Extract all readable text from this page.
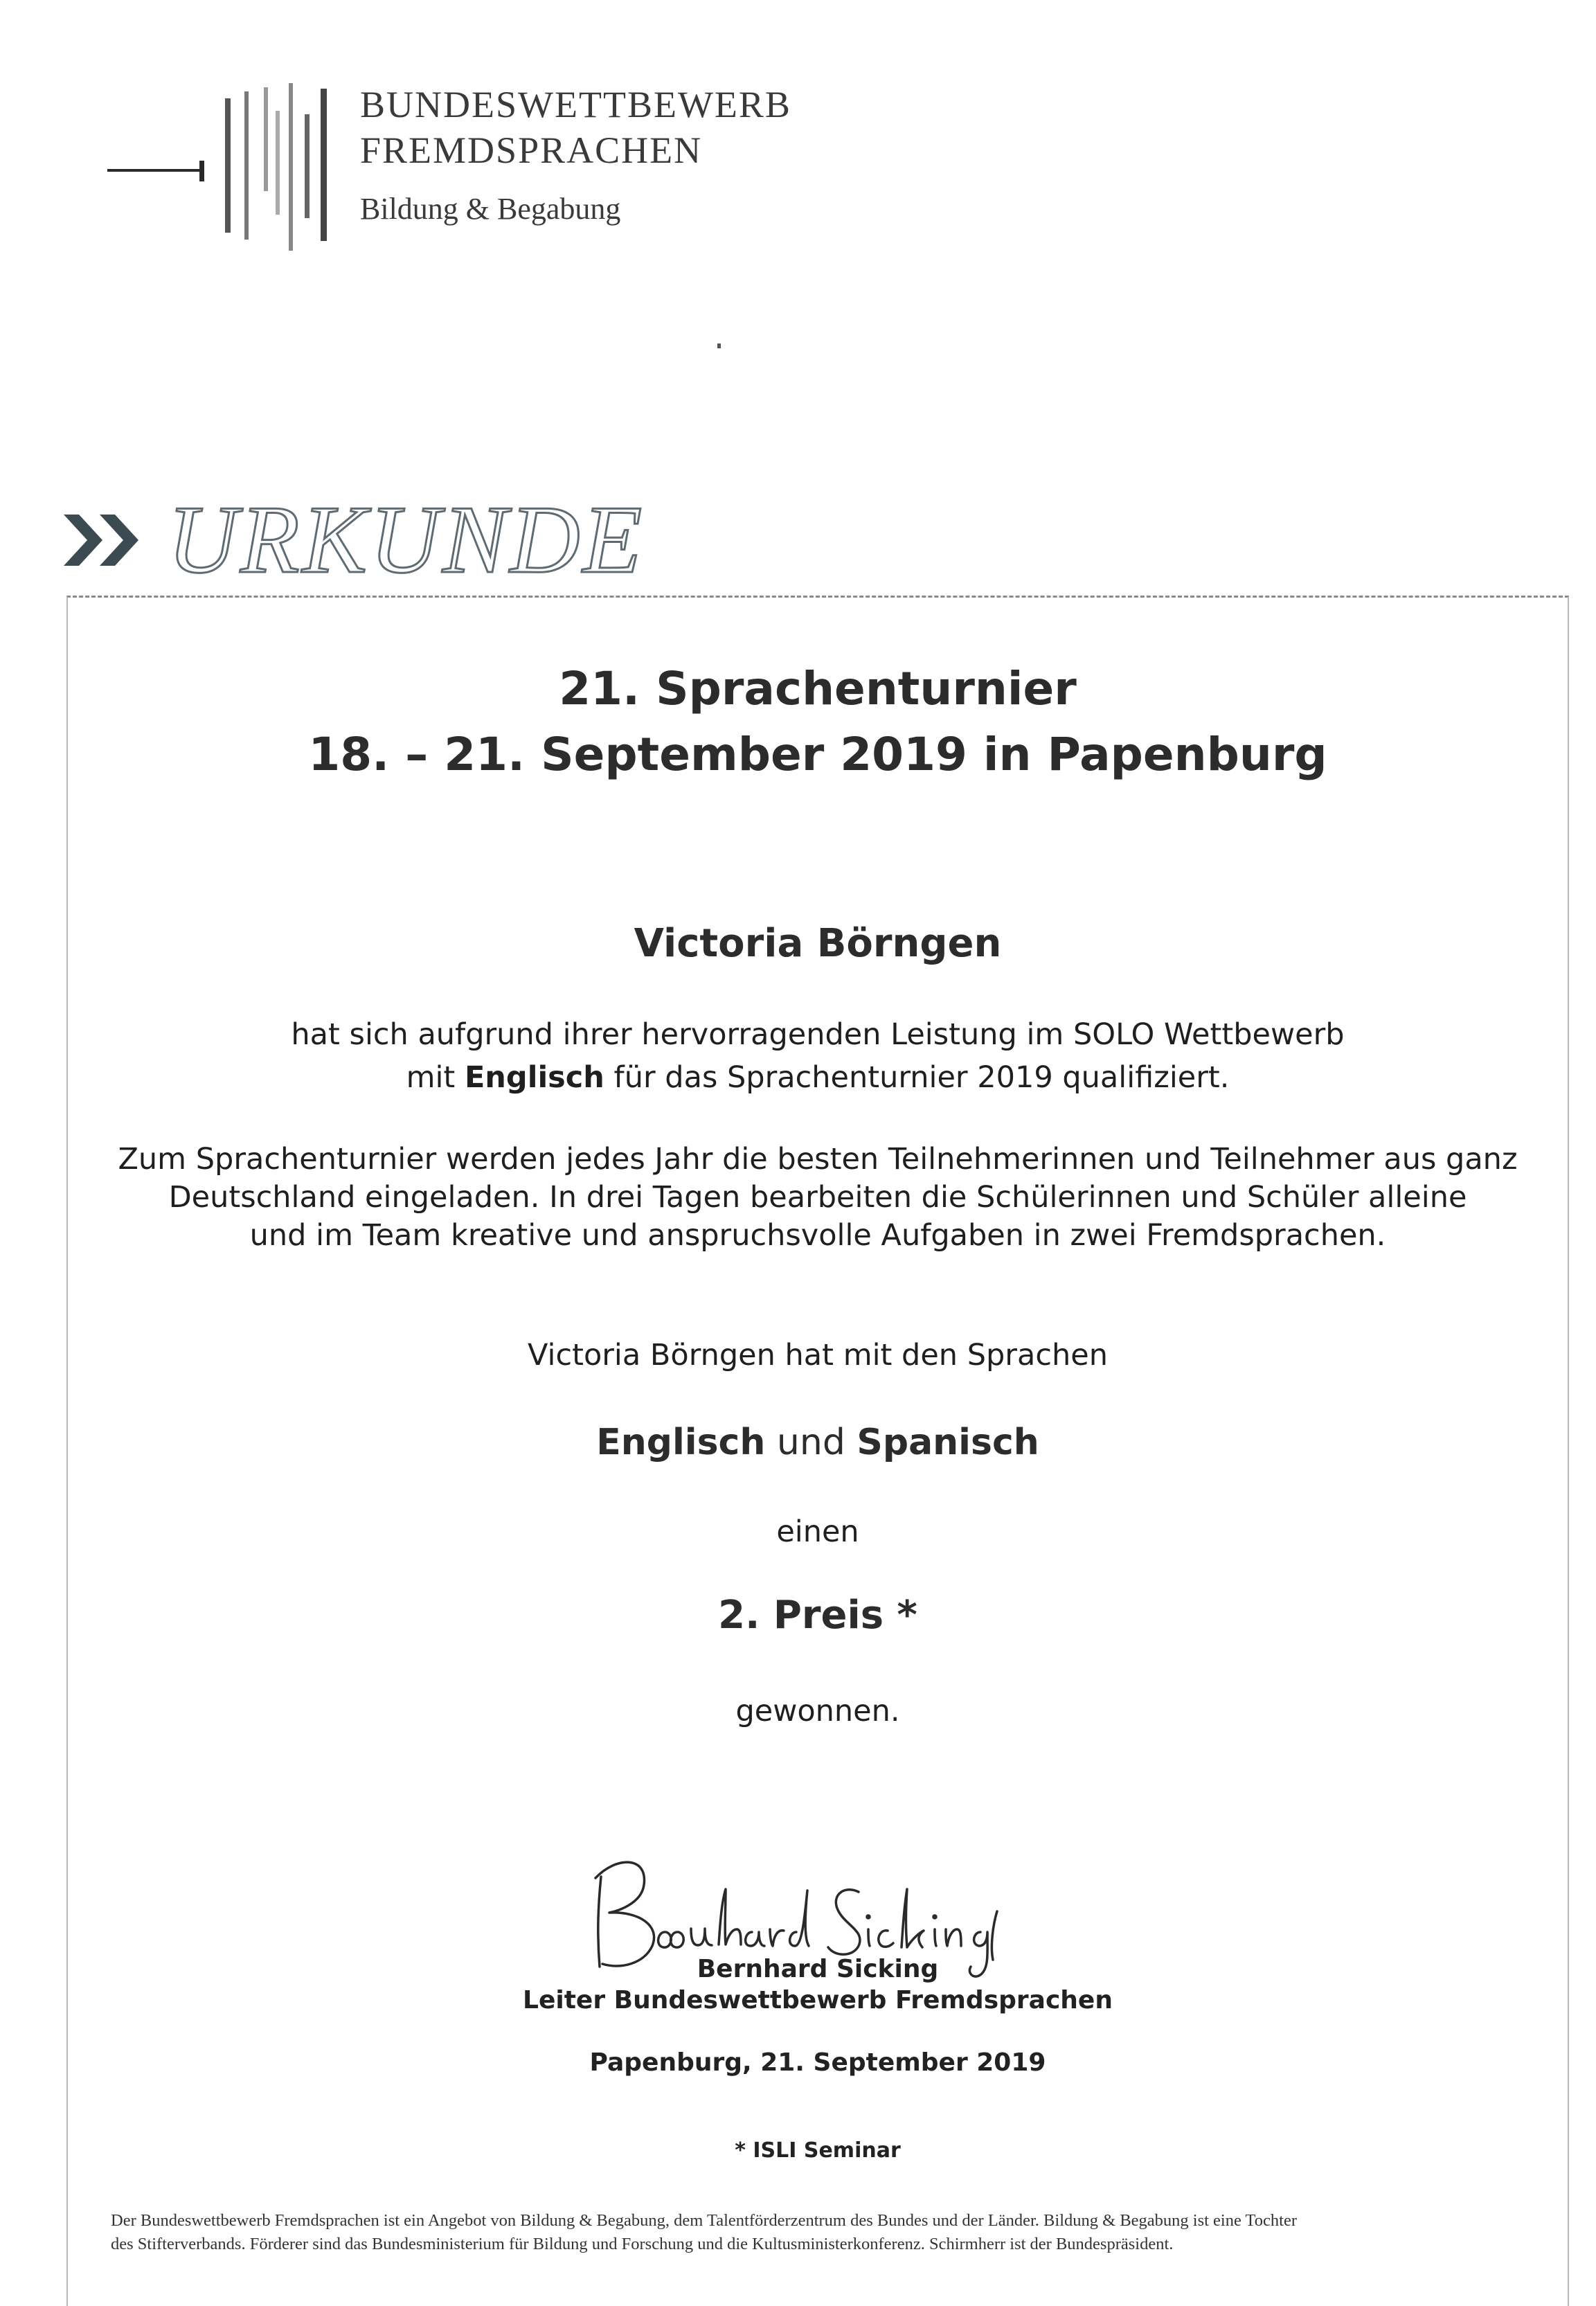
BUNDESWETTBEWERB
FREMDSPRACHEN
Bildung & Begabung
URKUNDE
21. Sprachenturnier
18. – 21. September 2019 in Papenburg
Victoria Börngen
hat sich aufgrund ihrer hervorragenden Leistung im SOLO Wettbewerb
mit Englisch für das Sprachenturnier 2019 qualifiziert.
Zum Sprachenturnier werden jedes Jahr die besten Teilnehmerinnen und Teilnehmer aus ganz
Deutschland eingeladen. In drei Tagen bearbeiten die Schülerinnen und Schüler alleine
und im Team kreative und anspruchsvolle Aufgaben in zwei Fremdsprachen.
Victoria Börngen hat mit den Sprachen
Englisch und Spanisch
einen
2. Preis *
gewonnen.
Bernhard Sicking
Leiter Bundeswettbewerb Fremdsprachen
Papenburg, 21. September 2019
* ISLI Seminar
Der Bundeswettbewerb Fremdsprachen ist ein Angebot von Bildung & Begabung, dem Talentförderzentrum des Bundes und der Länder. Bildung & Begabung ist eine Tochter
des Stifterverbands. Förderer sind das Bundesministerium für Bildung und Forschung und die Kultusministerkonferenz. Schirmherr ist der Bundespräsident.
